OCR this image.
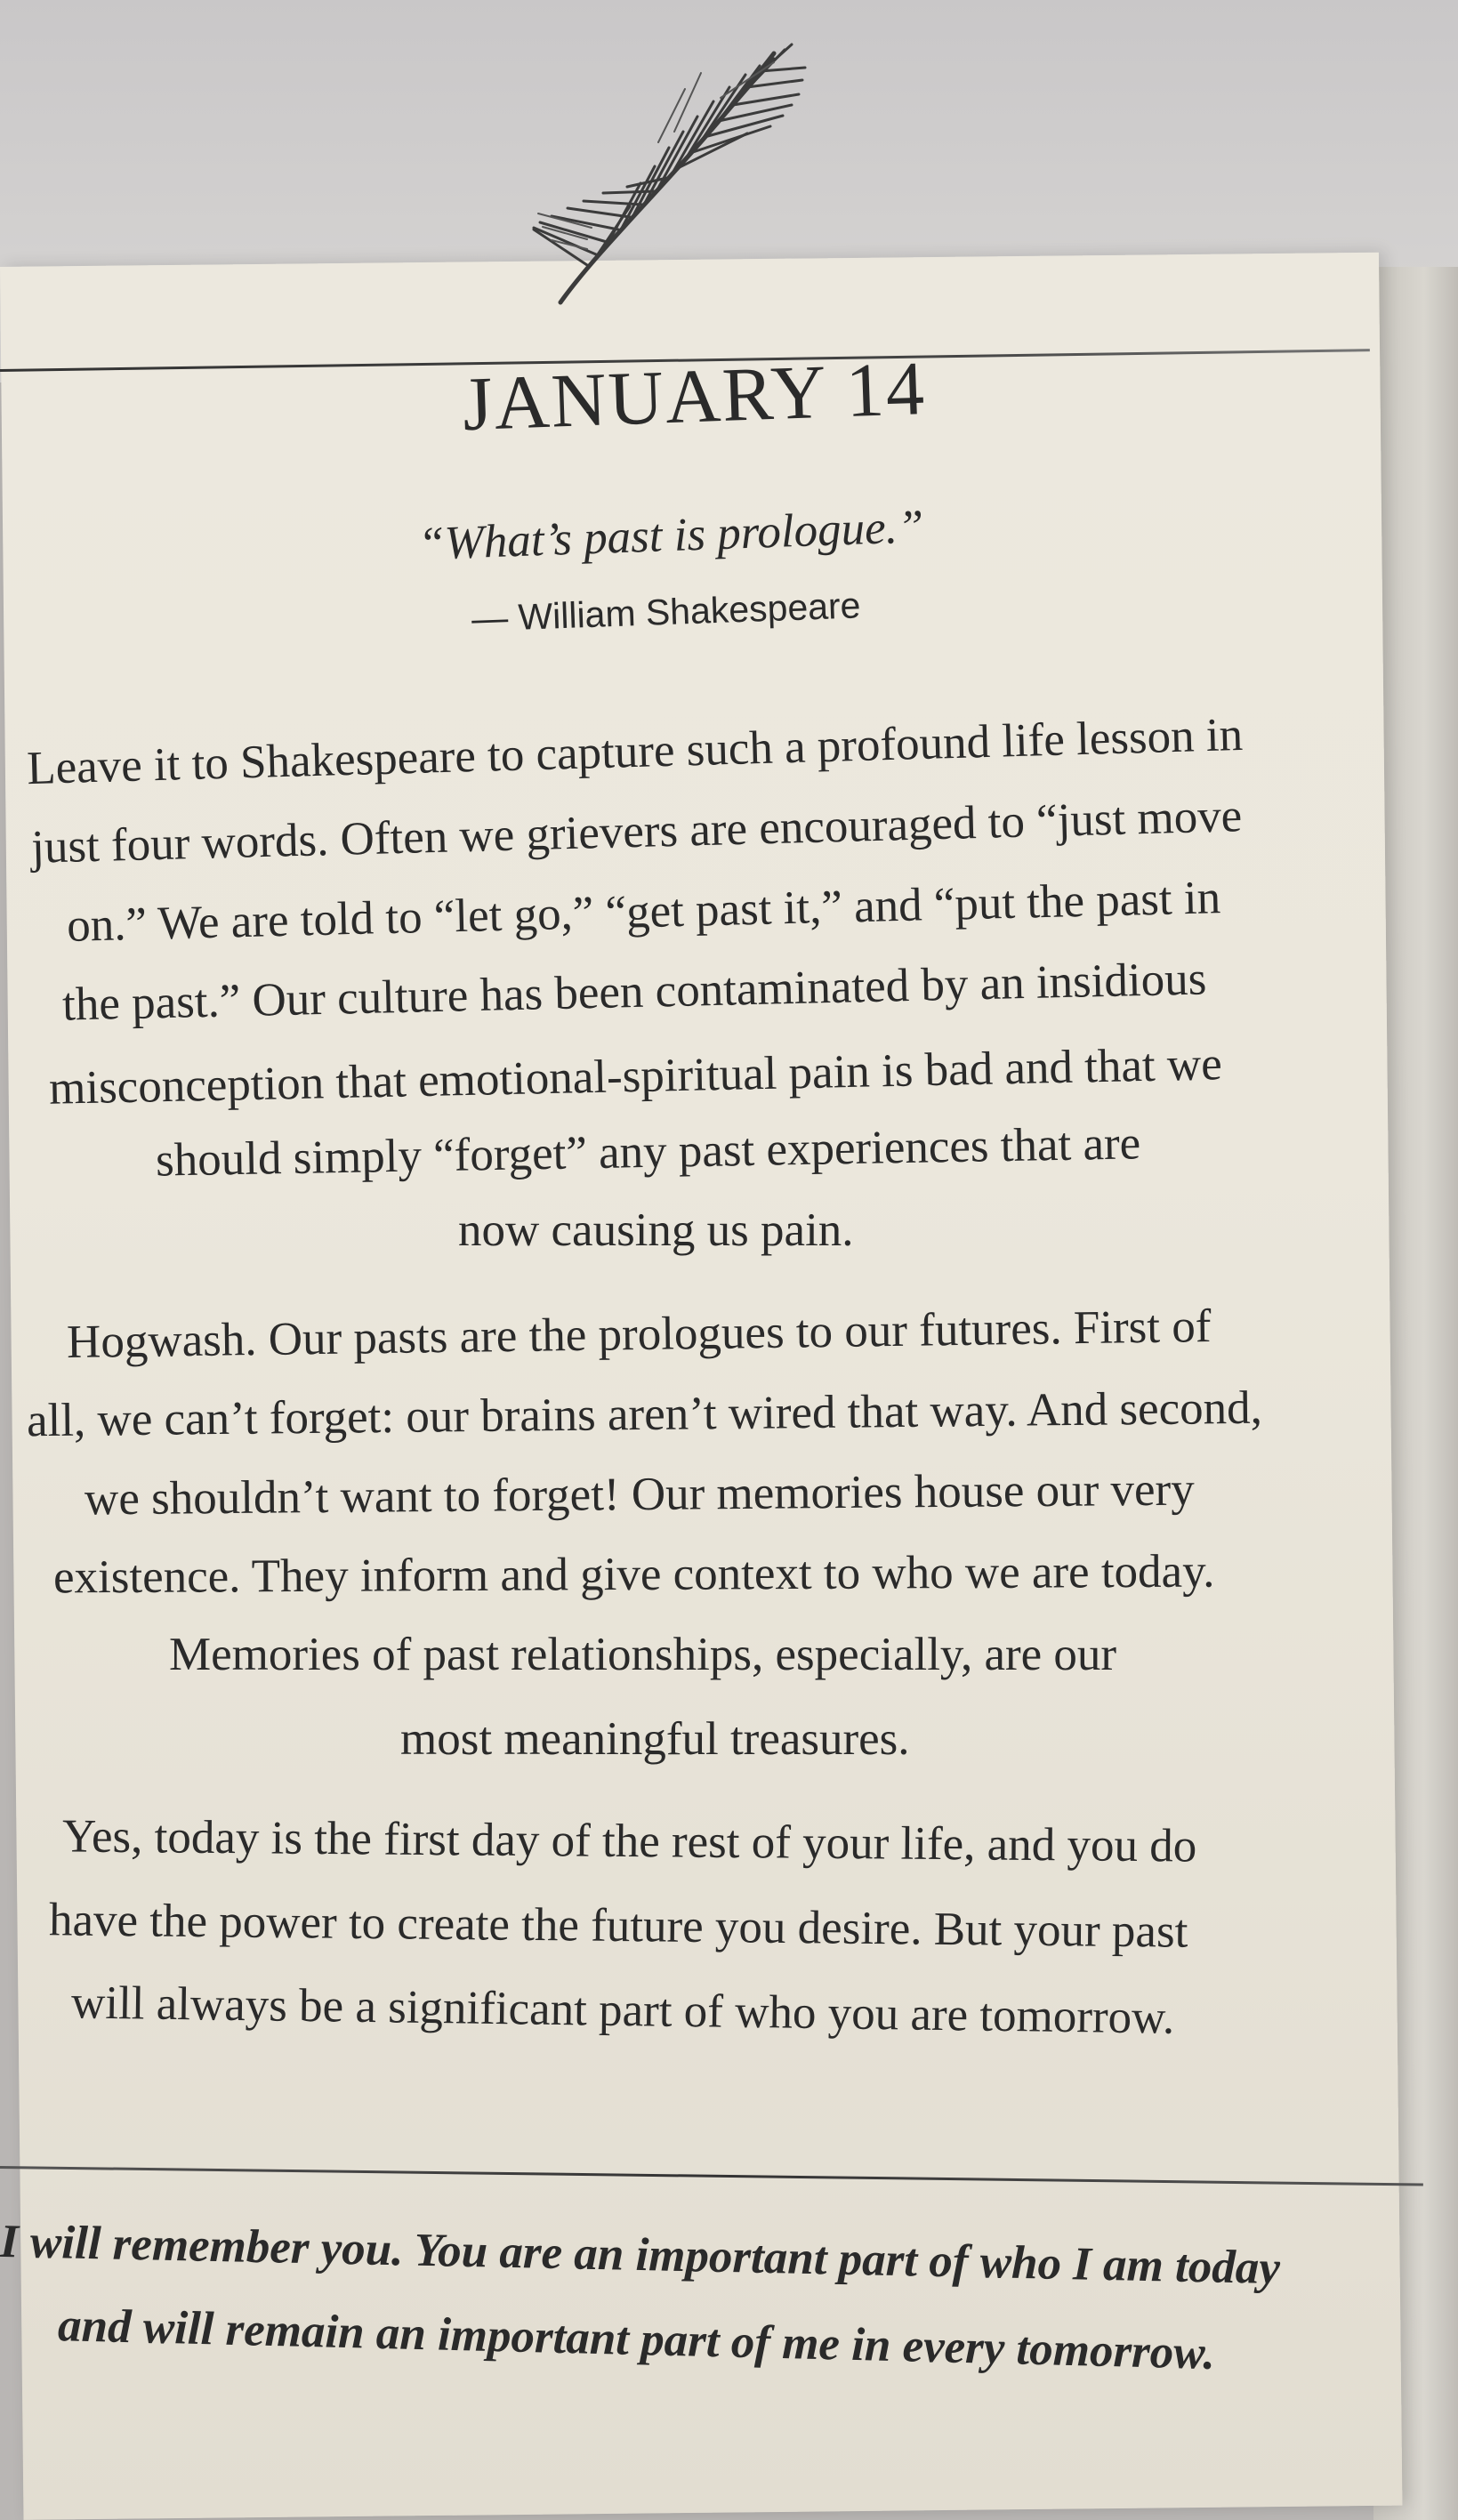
JANUARY 14
“What’s past is prologue.”
— William Shakespeare
Leave it to Shakespeare to capture such a profound life lesson in
just four words. Often we grievers are encouraged to “just move
on.” We are told to “let go,” “get past it,” and “put the past in
the past.” Our culture has been contaminated by an insidious
misconception that emotional-spiritual pain is bad and that we
should simply “forget” any past experiences that are
now causing us pain.
Hogwash. Our pasts are the prologues to our futures. First of
all, we can’t forget: our brains aren’t wired that way. And second,
we shouldn’t want to forget! Our memories house our very
existence. They inform and give context to who we are today.
Memories of past relationships, especially, are our
most meaningful treasures.
Yes, today is the first day of the rest of your life, and you do
have the power to create the future you desire. But your past
will always be a significant part of who you are tomorrow.
I will remember you. You are an important part of who I am today
and will remain an important part of me in every tomorrow.
